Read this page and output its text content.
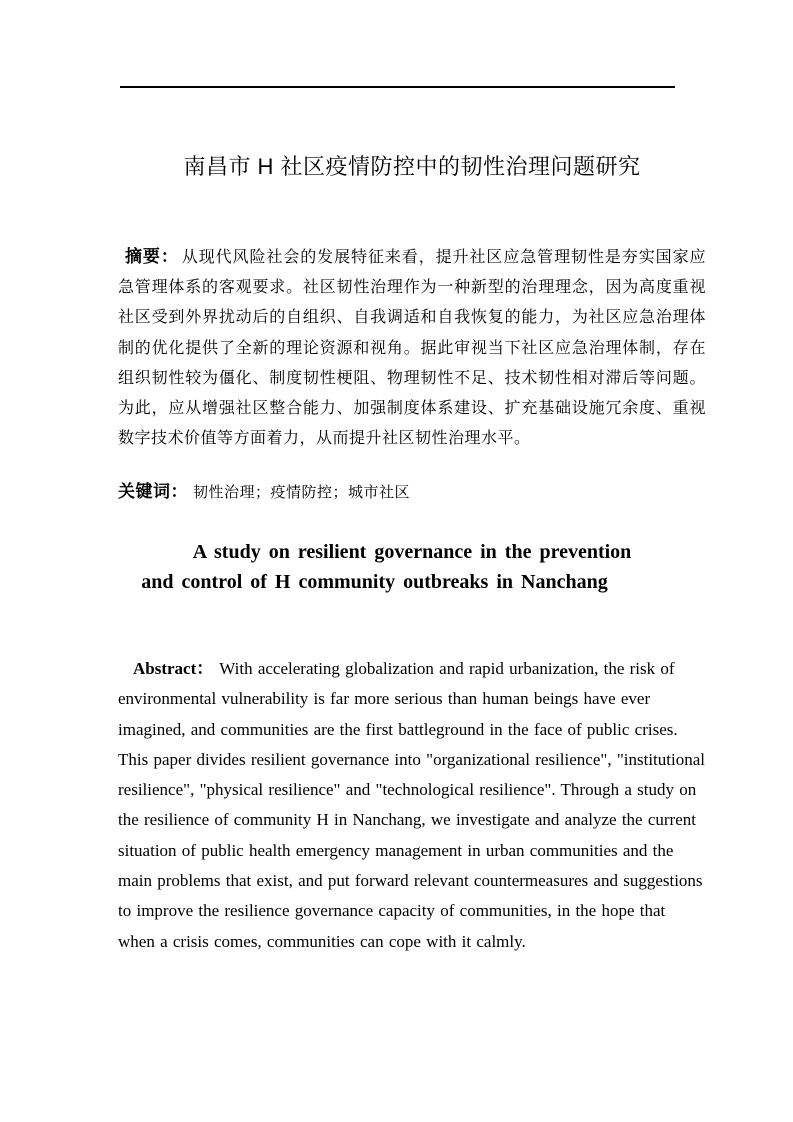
南昌市 H 社区疫情防控中的韧性治理问题研究

摘要： 从现代风险社会的发展特征来看，提升社区应急管理韧性是夯实国家应急管理体系的客观要求。社区韧性治理作为一种新型的治理理念，因为高度重视社区受到外界扰动后的自组织、自我调适和自我恢复的能力，为社区应急治理体制的优化提供了全新的理论资源和视角。据此审视当下社区应急治理体制，存在组织韧性较为僵化、制度韧性梗阻、物理韧性不足、技术韧性相对滞后等问题。为此，应从增强社区整合能力、加强制度体系建设、扩充基础设施冗余度、重视数字技术价值等方面着力，从而提升社区韧性治理水平。

关键词： 韧性治理；疫情防控；城市社区

A study on resilient governance in the prevention
and control of H community outbreaks in Nanchang

Abstract： With accelerating globalization and rapid urbanization, the risk of environmental vulnerability is far more serious than human beings have ever imagined, and communities are the first battleground in the face of public crises. This paper divides resilient governance into "organizational resilience", "institutional resilience", "physical resilience" and "technological resilience". Through a study on the resilience of community H in Nanchang, we investigate and analyze the current situation of public health emergency management in urban communities and the main problems that exist, and put forward relevant countermeasures and suggestions to improve the resilience governance capacity of communities, in the hope that when a crisis comes, communities can cope with it calmly.
